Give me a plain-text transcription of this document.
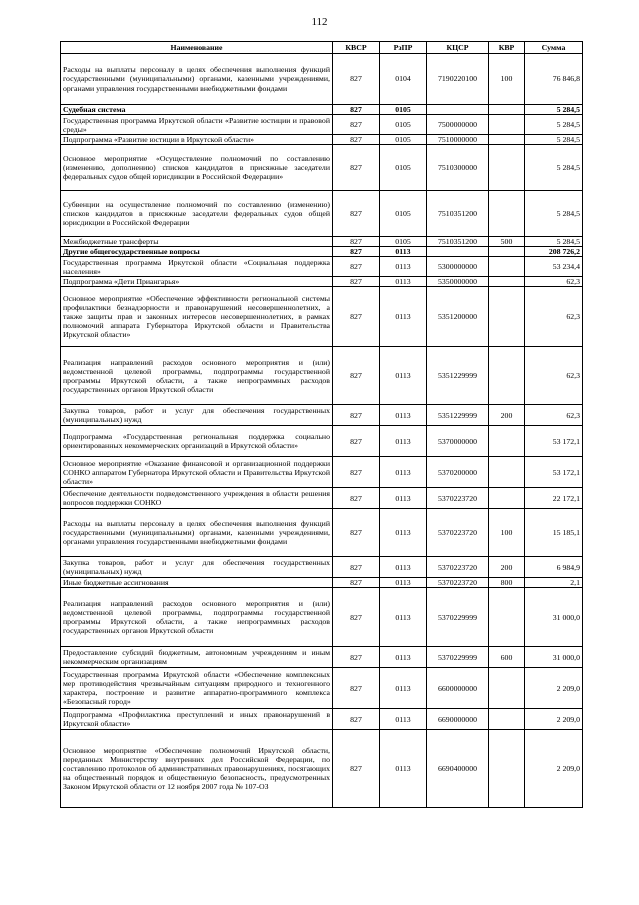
112
Наименование	КВСР	РзПР	КЦСР	КВР	Сумма
Расходы на выплаты персоналу в целях обеспечения выполнения функций государственными (муниципальными) органами, казенными учреждениями, органами управления государственными внебюджетными фондами	827	0104	7190220100	100	76 846,8
Судебная система	827	0105			5 284,5
Государственная программа Иркутской области «Развитие юстиции и правовой среды»	827	0105	7500000000		5 284,5
Подпрограмма «Развитие юстиции в Иркутской области»	827	0105	7510000000		5 284,5
Основное мероприятие «Осуществление полномочий по составлению (изменению, дополнению) списков кандидатов в присяжные заседатели федеральных судов общей юрисдикции в Российской Федерации»	827	0105	7510300000		5 284,5
Субвенции на осуществление полномочий по составлению (изменению) списков кандидатов в присяжные заседатели федеральных судов общей юрисдикции в Российской Федерации	827	0105	7510351200		5 284,5
Межбюджетные трансферты	827	0105	7510351200	500	5 284,5
Другие общегосударственные вопросы	827	0113			208 726,2
Государственная программа Иркутской области «Социальная поддержка населения»	827	0113	5300000000		53 234,4
Подпрограмма «Дети Приангарья»	827	0113	5350000000		62,3
Основное мероприятие «Обеспечение эффективности региональной системы профилактики безнадзорности и правонарушений несовершеннолетних, а также защиты прав и законных интересов несовершеннолетних, в рамках полномочий аппарата Губернатора Иркутской области и Правительства Иркутской области»	827	0113	5351200000		62,3
Реализация направлений расходов основного мероприятия и (или) ведомственной целевой программы, подпрограммы государственной программы Иркутской области, а также непрограммных расходов государственных органов Иркутской области	827	0113	5351229999		62,3
Закупка товаров, работ и услуг для обеспечения государственных (муниципальных) нужд	827	0113	5351229999	200	62,3
Подпрограмма «Государственная региональная поддержка социально ориентированных некоммерческих организаций в Иркутской области»	827	0113	5370000000		53 172,1
Основное мероприятие «Оказание финансовой и организационной поддержки СОНКО аппаратом Губернатора Иркутской области и Правительства Иркутской области»	827	0113	5370200000		53 172,1
Обеспечение деятельности подведомственного учреждения в области решения вопросов поддержки СОНКО	827	0113	5370223720		22 172,1
Расходы на выплаты персоналу в целях обеспечения выполнения функций государственными (муниципальными) органами, казенными учреждениями, органами управления государственными внебюджетными фондами	827	0113	5370223720	100	15 185,1
Закупка товаров, работ и услуг для обеспечения государственных (муниципальных) нужд	827	0113	5370223720	200	6 984,9
Иные бюджетные ассигнования	827	0113	5370223720	800	2,1
Реализация направлений расходов основного мероприятия и (или) ведомственной целевой программы, подпрограммы государственной программы Иркутской области, а также непрограммных расходов государственных органов Иркутской области	827	0113	5370229999		31 000,0
Предоставление субсидий бюджетным, автономным учреждениям и иным некоммерческим организациям	827	0113	5370229999	600	31 000,0
Государственная программа Иркутской области «Обеспечение комплексных мер противодействия чрезвычайным ситуациям природного и техногенного характера, построение и развитие аппаратно-программного комплекса «Безопасный город»	827	0113	6600000000		2 209,0
Подпрограмма «Профилактика преступлений и иных правонарушений в Иркутской области»	827	0113	6690000000		2 209,0
Основное мероприятие «Обеспечение полномочий Иркутской области, переданных Министерству внутренних дел Российской Федерации, по составлению протоколов об административных правонарушениях, посягающих на общественный порядок и общественную безопасность, предусмотренных Законом Иркутской области от 12 ноября 2007 года № 107-ОЗ	827	0113	6690400000		2 209,0
